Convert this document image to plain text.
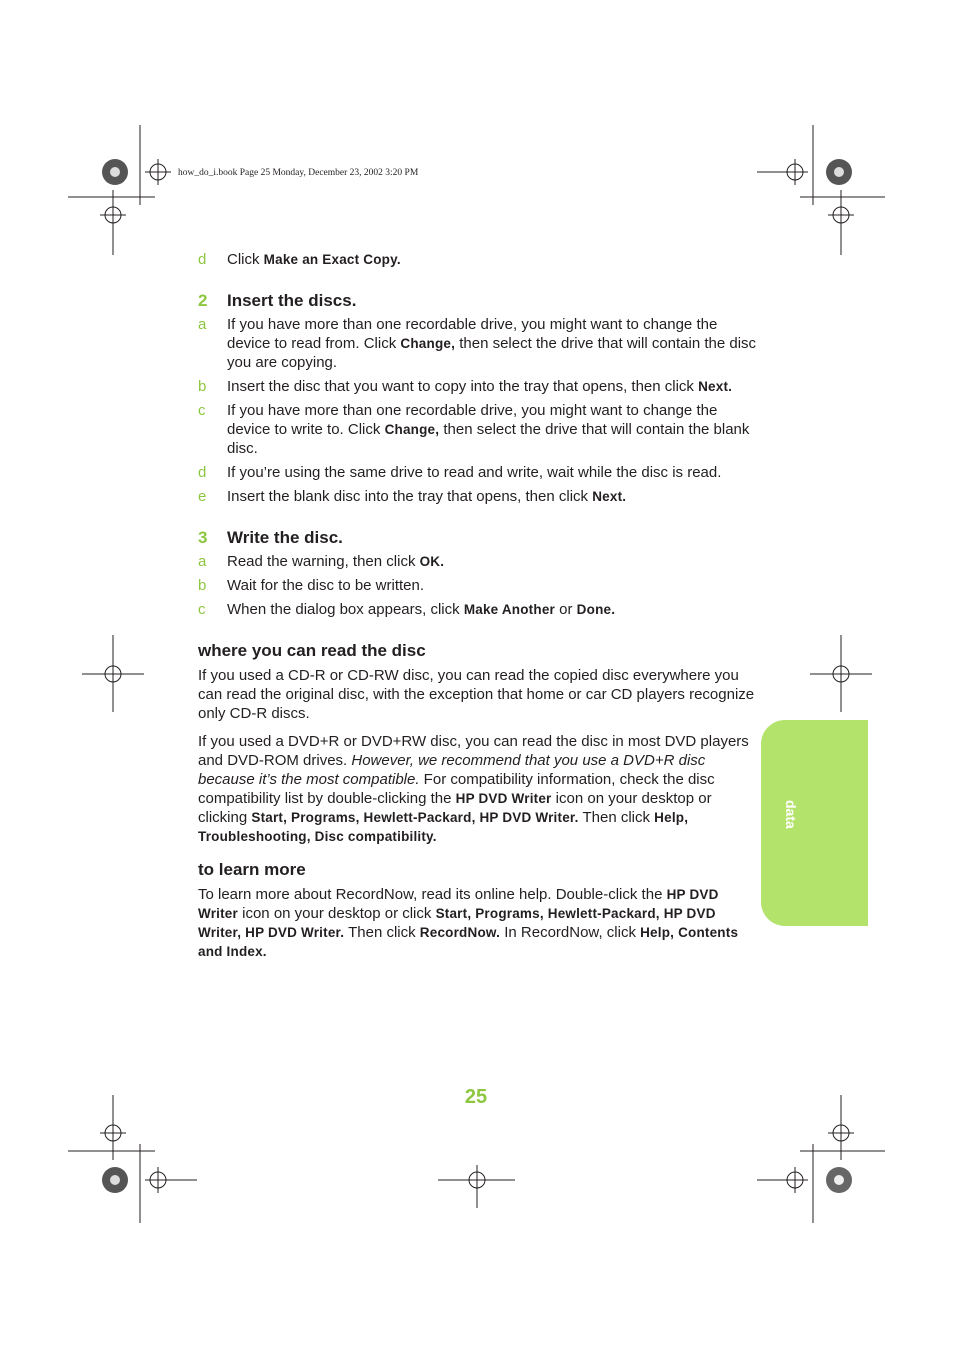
how_do_i.book Page 25 Monday, December 23, 2002 3:20 PM
d	Click Make an Exact Copy.
2	Insert the discs.
a	If you have more than one recordable drive, you might want to change the device to read from. Click Change, then select the drive that will contain the disc you are copying.
b	Insert the disc that you want to copy into the tray that opens, then click Next.
c	If you have more than one recordable drive, you might want to change the device to write to. Click Change, then select the drive that will contain the blank disc.
d	If you’re using the same drive to read and write, wait while the disc is read.
e	Insert the blank disc into the tray that opens, then click Next.
3	Write the disc.
a	Read the warning, then click OK.
b	Wait for the disc to be written.
c	When the dialog box appears, click Make Another or Done.
where you can read the disc
If you used a CD-R or CD-RW disc, you can read the copied disc everywhere you can read the original disc, with the exception that home or car CD players recognize only CD-R discs.
If you used a DVD+R or DVD+RW disc, you can read the disc in most DVD players and DVD-ROM drives. However, we recommend that you use a DVD+R disc because it’s the most compatible. For compatibility information, check the disc compatibility list by double-clicking the HP DVD Writer icon on your desktop or clicking Start, Programs, Hewlett-Packard, HP DVD Writer. Then click Help, Troubleshooting, Disc compatibility.
to learn more
To learn more about RecordNow, read its online help. Double-click the HP DVD Writer icon on your desktop or click Start, Programs, Hewlett-Packard, HP DVD Writer, HP DVD Writer. Then click RecordNow. In RecordNow, click Help, Contents and Index.
data
25
